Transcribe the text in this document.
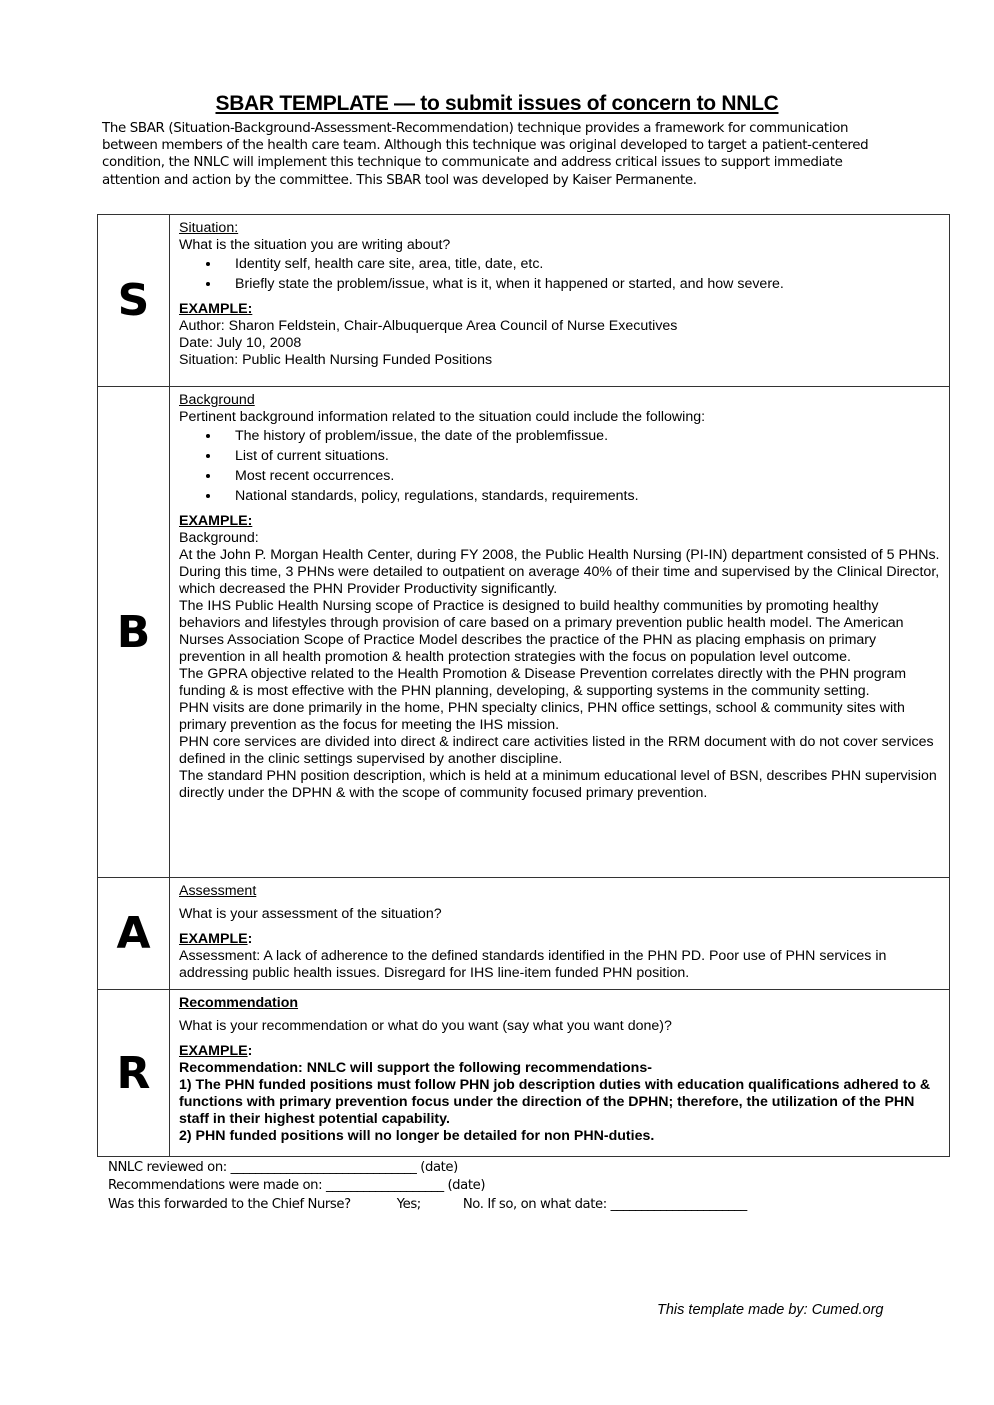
SBAR TEMPLATE — to submit issues of concern to NNLC
The SBAR (Situation-Background-Assessment-Recommendation) technique provides a framework for communication between members of the health care team. Although this technique was original developed to target a patient-centered condition, the NNLC will implement this technique to communicate and address critical issues to support immediate attention and action by the committee. This SBAR tool was developed by Kaiser Permanente.
S	
Situation:
What is the situation you are writing about?
• Identity self, health care site, area, title, date, etc.
• Briefly state the problem/issue, what is it, when it happened or started, and how severe.
EXAMPLE:
Author: Sharon Feldstein, Chair-Albuquerque Area Council of Nurse Executives
Date: July 10, 2008
Situation: Public Health Nursing Funded Positions

B	
Background
Pertinent background information related to the situation could include the following:
• The history of problem/issue, the date of the problemfissue.
• List of current situations.
• Most recent occurrences.
• National standards, policy, regulations, standards, requirements.
EXAMPLE:
Background:
At the John P. Morgan Health Center, during FY 2008, the Public Health Nursing (PI-IN) department consisted of 5 PHNs. During this time, 3 PHNs were detailed to outpatient on average 40% of their time and supervised by the Clinical Director, which decreased the PHN Provider Productivity significantly.
The IHS Public Health Nursing scope of Practice is designed to build healthy communities by promoting healthy behaviors and lifestyles through provision of care based on a primary prevention public health model. The American Nurses Association Scope of Practice Model describes the practice of the PHN as placing emphasis on primary prevention in all health promotion & health protection strategies with the focus on population level outcome.
The GPRA objective related to the Health Promotion & Disease Prevention correlates directly with the PHN program funding & is most effective with the PHN planning, developing, & supporting systems in the community setting.
PHN visits are done primarily in the home, PHN specialty clinics, PHN office settings, school & community sites with primary prevention as the focus for meeting the IHS mission.
PHN core services are divided into direct & indirect care activities listed in the RRM document with do not cover services defined in the clinic settings supervised by another discipline.
The standard PHN position description, which is held at a minimum educational level of BSN, describes PHN supervision directly under the DPHN & with the scope of community focused primary prevention.

A	Assessment
What is your assessment of the situation?
EXAMPLE:
Assessment: A lack of adherence to the defined standards identified in the PHN PD. Poor use of PHN services in addressing public health issues. Disregard for IHS line-item funded PHN position.

R	
Recommendation
What is your recommendation or what do you want (say what you want done)?
EXAMPLE:
Recommendation: NNLC will support the following recommendations-
1) The PHN funded positions must follow PHN job description duties with education qualifications adhered to & functions with primary prevention focus under the direction of the DPHN; therefore, the utilization of the PHN staff in their highest potential capability.
2) PHN funded positions will no longer be detailed for non PHN-duties.
NNLC reviewed on: ______________________________ (date)
Recommendations were made on: ___________________ (date)
Was this forwarded to the Chief Nurse?	Yes;	No. If so, on what date: ______________________
This template made by: Cumed.org
